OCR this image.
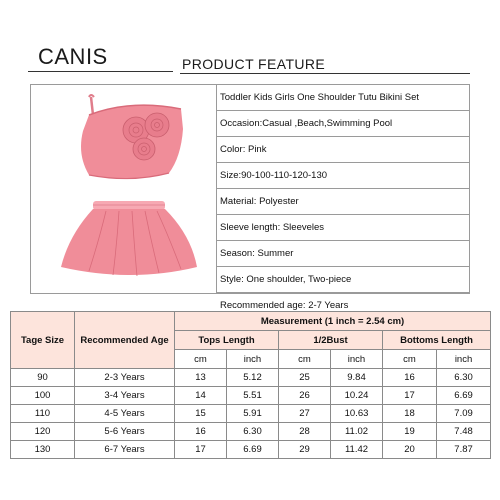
CANIS	PRODUCT FEATURE
Toddler Kids Girls One Shoulder Tutu Bikini Set
Occasion:Casual ,Beach,Swimming Pool
Color: Pink
Size:90-100-110-120-130
Material: Polyester
Sleeve length: Sleeveles
Season: Summer
Style: One shoulder, Two-piece
Recommended age: 2-7 Years
Tage Size	Recommended Age	Measurement (1 inch = 2.54 cm)					
		Tops Length		1/2Bust		Bottoms Length	
		cm	inch	cm	inch	cm	inch
90	2-3 Years	13	5.12	25	9.84	16	6.30
100	3-4 Years	14	5.51	26	10.24	17	6.69
110	4-5 Years	15	5.91	27	10.63	18	7.09
120	5-6 Years	16	6.30	28	11.02	19	7.48
130	6-7 Years	17	6.69	29	11.42	20	7.87
